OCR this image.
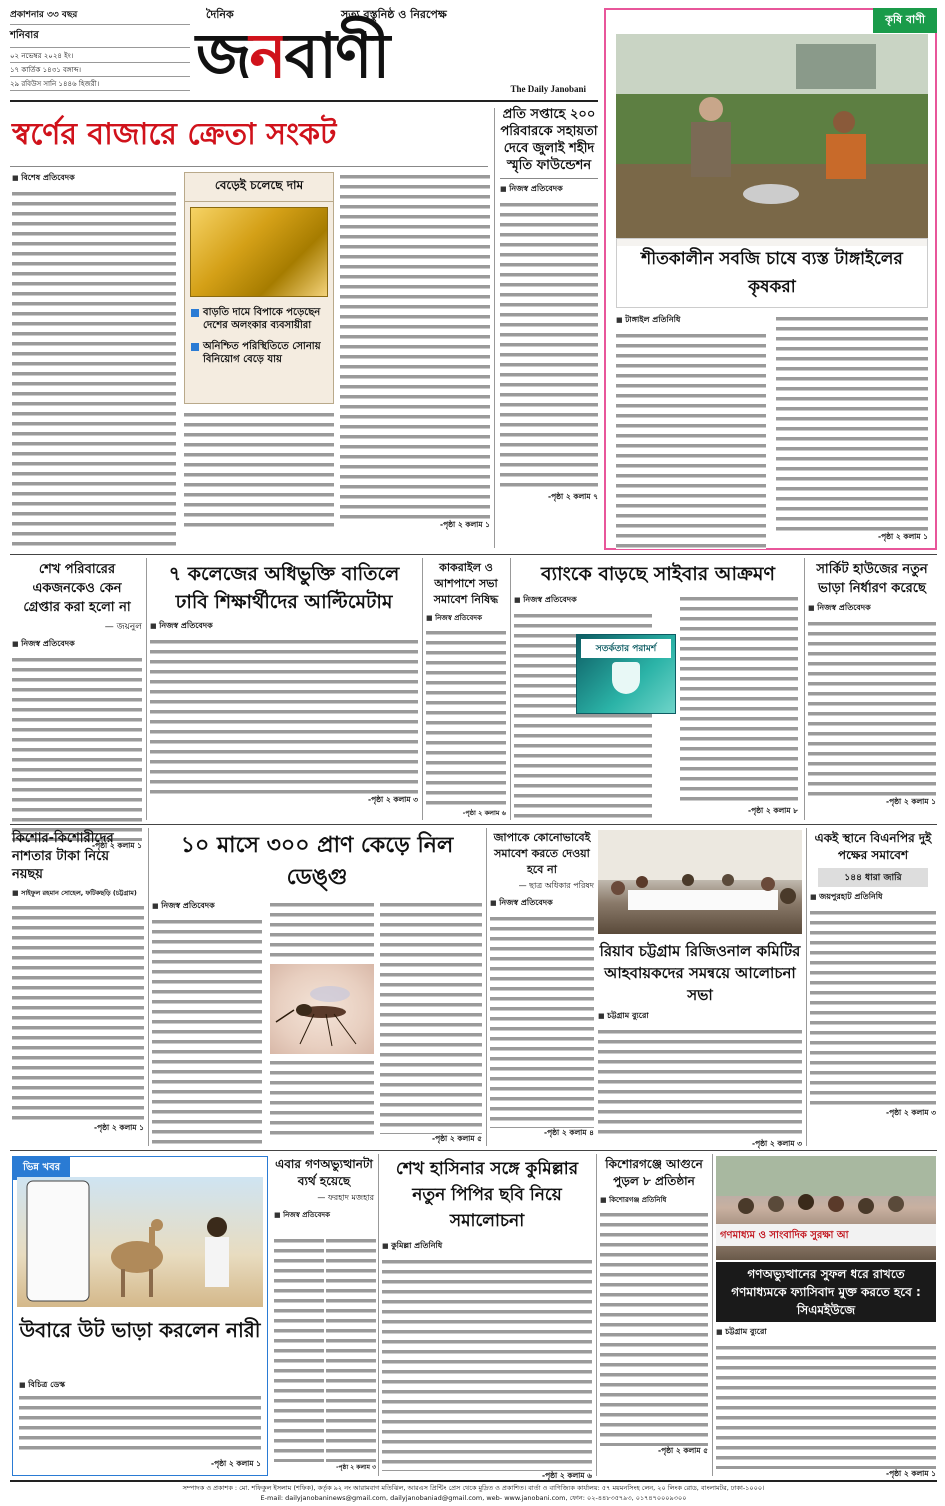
প্রকাশনার ৩৩ বছর
শনিবার
০২ নভেম্বর ২০২৪ ইং।
১৭ কার্তিক ১৪৩১ বঙ্গাব্দ।
২৯ রবিউস সানি ১৪৪৬ হিজরী।
দৈনিক	সত্য বস্তুনিষ্ঠ ও নিরপেক্ষ
জনবাণী	The Daily Janobani
কৃষি বাণী
শীতকালীন সবজি চাষে ব্যস্ত টাঙ্গাইলের কৃষকরা
■ টাঙ্গাইল প্রতিনিধি
-পৃষ্ঠা ২ কলাম ১
স্বর্ণের বাজারে ক্রেতা সংকট
■ বিশেষ প্রতিবেদক
বেড়েই চলেছে দাম
বাড়তি দামে বিপাকে পড়েছেন দেশের অলংকার ব্যবসায়ীরা
অনিশ্চিত পরিস্থিতিতে সোনায় বিনিয়োগ বেড়ে যায়
-পৃষ্ঠা ২ কলাম ১
প্রতি সপ্তাহে ২০০ পরিবারকে সহায়তা দেবে জুলাই শহীদ স্মৃতি ফাউন্ডেশন
■ নিজস্ব প্রতিবেদক
-পৃষ্ঠা ২ কলাম ৭
শেখ পরিবারের একজনকেও কেন গ্রেপ্তার করা হলো না
— জয়নুল
■ নিজস্ব প্রতিবেদক
-পৃষ্ঠা ২ কলাম ১
৭ কলেজের অধিভুক্তি বাতিলে ঢাবি শিক্ষার্থীদের আল্টিমেটাম
■ নিজস্ব প্রতিবেদক
-পৃষ্ঠা ২ কলাম ৩
কাকরাইল ও আশপাশে সভা সমাবেশ নিষিদ্ধ
■ নিজস্ব প্রতিবেদক
-পৃষ্ঠা ২ কলাম ৬
ব্যাংকে বাড়ছে সাইবার আক্রমণ
■ নিজস্ব প্রতিবেদক
সতর্কতার পরামর্শ
-পৃষ্ঠা ২ কলাম ৮
সার্কিট হাউজের নতুন ভাড়া নির্ধারণ করেছে
■ নিজস্ব প্রতিবেদক
-পৃষ্ঠা ২ কলাম ১
কিশোর-কিশোরীদের নাশতার টাকা নিয়ে নয়ছয়
■ সাইফুল রহমান সোহেল, ফটিকছড়ি (চট্টগ্রাম)
-পৃষ্ঠা ২ কলাম ১
১০ মাসে ৩০০ প্রাণ কেড়ে নিল ডেঙ্গু
■ নিজস্ব প্রতিবেদক
-পৃষ্ঠা ২ কলাম ৫
জাপাকে কোনোভাবেই সমাবেশ করতে দেওয়া হবে না
— ছাত্র অধিকার পরিষদ
■ নিজস্ব প্রতিবেদক
-পৃষ্ঠা ২ কলাম ৪
রিয়াব চট্টগ্রাম রিজিওনাল কমিটির আহবায়কদের সমন্বয়ে আলোচনা সভা
■ চট্টগ্রাম ব্যুরো
-পৃষ্ঠা ২ কলাম ৩
একই স্থানে বিএনপির দুই পক্ষের সমাবেশ
১৪৪ ধারা জারি
■ জয়পুরহাট প্রতিনিধি
-পৃষ্ঠা ২ কলাম ৩
ভিন্ন খবর
উবারে উট ভাড়া করলেন নারী
■ বিচিত্র ডেস্ক
-পৃষ্ঠা ২ কলাম ১
এবার গণঅভ্যুত্থানটা ব্যর্থ হয়েছে
— ফরহাদ মজহার
■ নিজস্ব প্রতিবেদক
-পৃষ্ঠা ২ কলাম ৩
শেখ হাসিনার সঙ্গে কুমিল্লার নতুন পিপির ছবি নিয়ে সমালোচনা
■ কুমিল্লা প্রতিনিধি
-পৃষ্ঠা ২ কলাম ৬
কিশোরগঞ্জে আগুনে পুড়ল ৮ প্রতিষ্ঠান
■ কিশোরগঞ্জ প্রতিনিধি
-পৃষ্ঠা ২ কলাম ৫
গণমাধ্যম ও সাংবাদিক সুরক্ষা আ
গণঅভ্যুত্থানের সুফল ধরে রাখতে গণমাধ্যমকে ফ্যাসিবাদ মুক্ত করতে হবে : সিএমইউজে
■ চট্টগ্রাম ব্যুরো
-পৃষ্ঠা ২ কলাম ১
সম্পাদক ও প্রকাশক : মো. শফিকুল ইসলাম (শফিক), কর্তৃক ৯২ নং আরামবাগ মতিঝিল, আরএস প্রিন্টিং প্রেস থেকে মুদ্রিত ও প্রকাশিত। বার্তা ও বাণিজ্যিক কার্যালয়: ৫৭ ময়মনসিংহ লেন, ২০ লিংক রোড, বাংলামটর, ঢাকা-১০০০।
E-mail: dailyjanobaninews@gmail.com, dailyjanobaniad@gmail.com, web- www.janobani.com, ফোন: ০২-৪৪৮৩৫৭৯৩, ০১৭৪৭০০০৯৩০০
